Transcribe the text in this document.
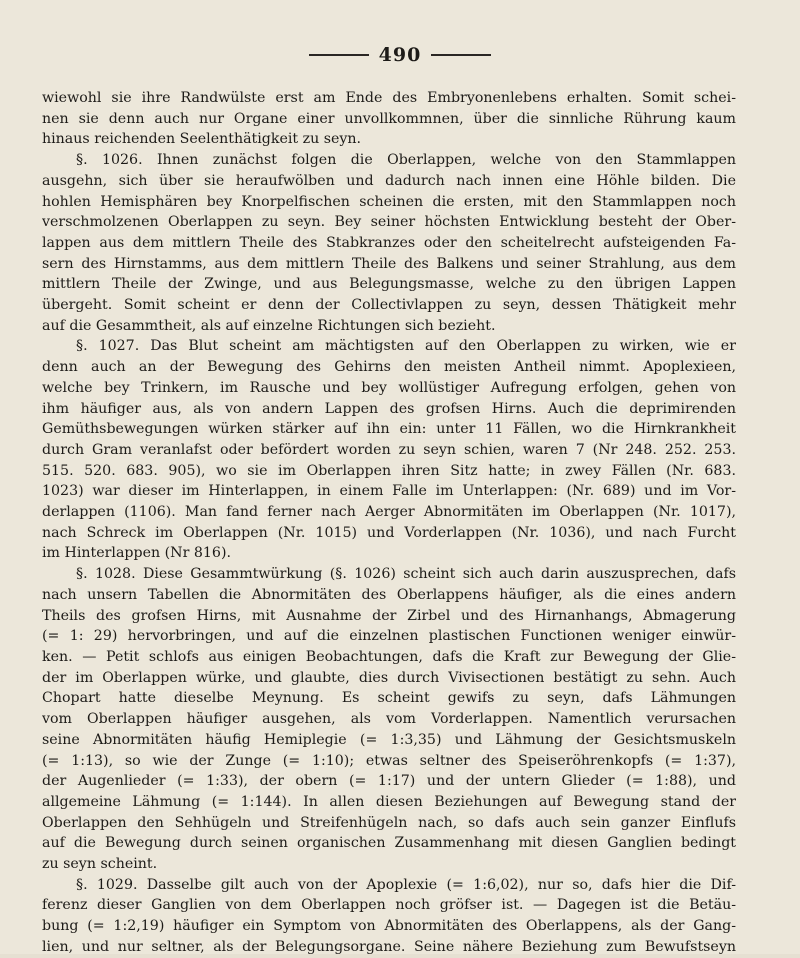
490
wiewohl sie ihre Randwülste erst am Ende des Embryonenlebens erhalten. Somit schei-
nen sie denn auch nur Organe einer unvollkommnen, über die sinnliche Rührung kaum
hinaus reichenden Seelenthätigkeit zu seyn.
§. 1026. Ihnen zunächst folgen die Oberlappen, welche von den Stammlappen
ausgehn, sich über sie heraufwölben und dadurch nach innen eine Höhle bilden. Die
hohlen Hemisphären bey Knorpelfischen scheinen die ersten, mit den Stammlappen noch
verschmolzenen Oberlappen zu seyn. Bey seiner höchsten Entwicklung besteht der Ober-
lappen aus dem mittlern Theile des Stabkranzes oder den scheitelrecht aufsteigenden Fa-
sern des Hirnstamms, aus dem mittlern Theile des Balkens und seiner Strahlung, aus dem
mittlern Theile der Zwinge, und aus Belegungsmasse, welche zu den übrigen Lappen
übergeht. Somit scheint er denn der Collectivlappen zu seyn, dessen Thätigkeit mehr
auf die Gesammtheit, als auf einzelne Richtungen sich bezieht.
§. 1027. Das Blut scheint am mächtigsten auf den Oberlappen zu wirken, wie er
denn auch an der Bewegung des Gehirns den meisten Antheil nimmt. Apoplexieen,
welche bey Trinkern, im Rausche und bey wollüstiger Aufregung erfolgen, gehen von
ihm häufiger aus, als von andern Lappen des grofsen Hirns. Auch die deprimirenden
Gemüthsbewegungen würken stärker auf ihn ein: unter 11 Fällen, wo die Hirnkrankheit
durch Gram veranlafst oder befördert worden zu seyn schien, waren 7 (Nr 248. 252. 253.
515. 520. 683. 905), wo sie im Oberlappen ihren Sitz hatte; in zwey Fällen (Nr. 683.
1023) war dieser im Hinterlappen, in einem Falle im Unterlappen: (Nr. 689) und im Vor-
derlappen (1106). Man fand ferner nach Aerger Abnormitäten im Oberlappen (Nr. 1017),
nach Schreck im Oberlappen (Nr. 1015) und Vorderlappen (Nr. 1036), und nach Furcht
im Hinterlappen (Nr 816).
§. 1028. Diese Gesammtwürkung (§. 1026) scheint sich auch darin auszusprechen, dafs
nach unsern Tabellen die Abnormitäten des Oberlappens häufiger, als die eines andern
Theils des grofsen Hirns, mit Ausnahme der Zirbel und des Hirnanhangs, Abmagerung
(= 1: 29) hervorbringen, und auf die einzelnen plastischen Functionen weniger einwür-
ken. — Petit schlofs aus einigen Beobachtungen, dafs die Kraft zur Bewegung der Glie-
der im Oberlappen würke, und glaubte, dies durch Vivisectionen bestätigt zu sehn. Auch
Chopart hatte dieselbe Meynung. Es scheint gewifs zu seyn, dafs Lähmungen
vom Oberlappen häufiger ausgehen, als vom Vorderlappen. Namentlich verursachen
seine Abnormitäten häufig Hemiplegie (= 1:3,35) und Lähmung der Gesichtsmuskeln
(= 1:13), so wie der Zunge (= 1:10); etwas seltner des Speiseröhrenkopfs (= 1:37),
der Augenlieder (= 1:33), der obern (= 1:17) und der untern Glieder (= 1:88), und
allgemeine Lähmung (= 1:144). In allen diesen Beziehungen auf Bewegung stand der
Oberlappen den Sehhügeln und Streifenhügeln nach, so dafs auch sein ganzer Einflufs
auf die Bewegung durch seinen organischen Zusammenhang mit diesen Ganglien bedingt
zu seyn scheint.
§. 1029. Dasselbe gilt auch von der Apoplexie (= 1:6,02), nur so, dafs hier die Dif-
ferenz dieser Ganglien von dem Oberlappen noch gröfser ist. — Dagegen ist die Betäu-
bung (= 1:2,19) häufiger ein Symptom von Abnormitäten des Oberlappens, als der Gang-
lien, und nur seltner, als der Belegungsorgane. Seine nähere Beziehung zum Bewufstseyn
